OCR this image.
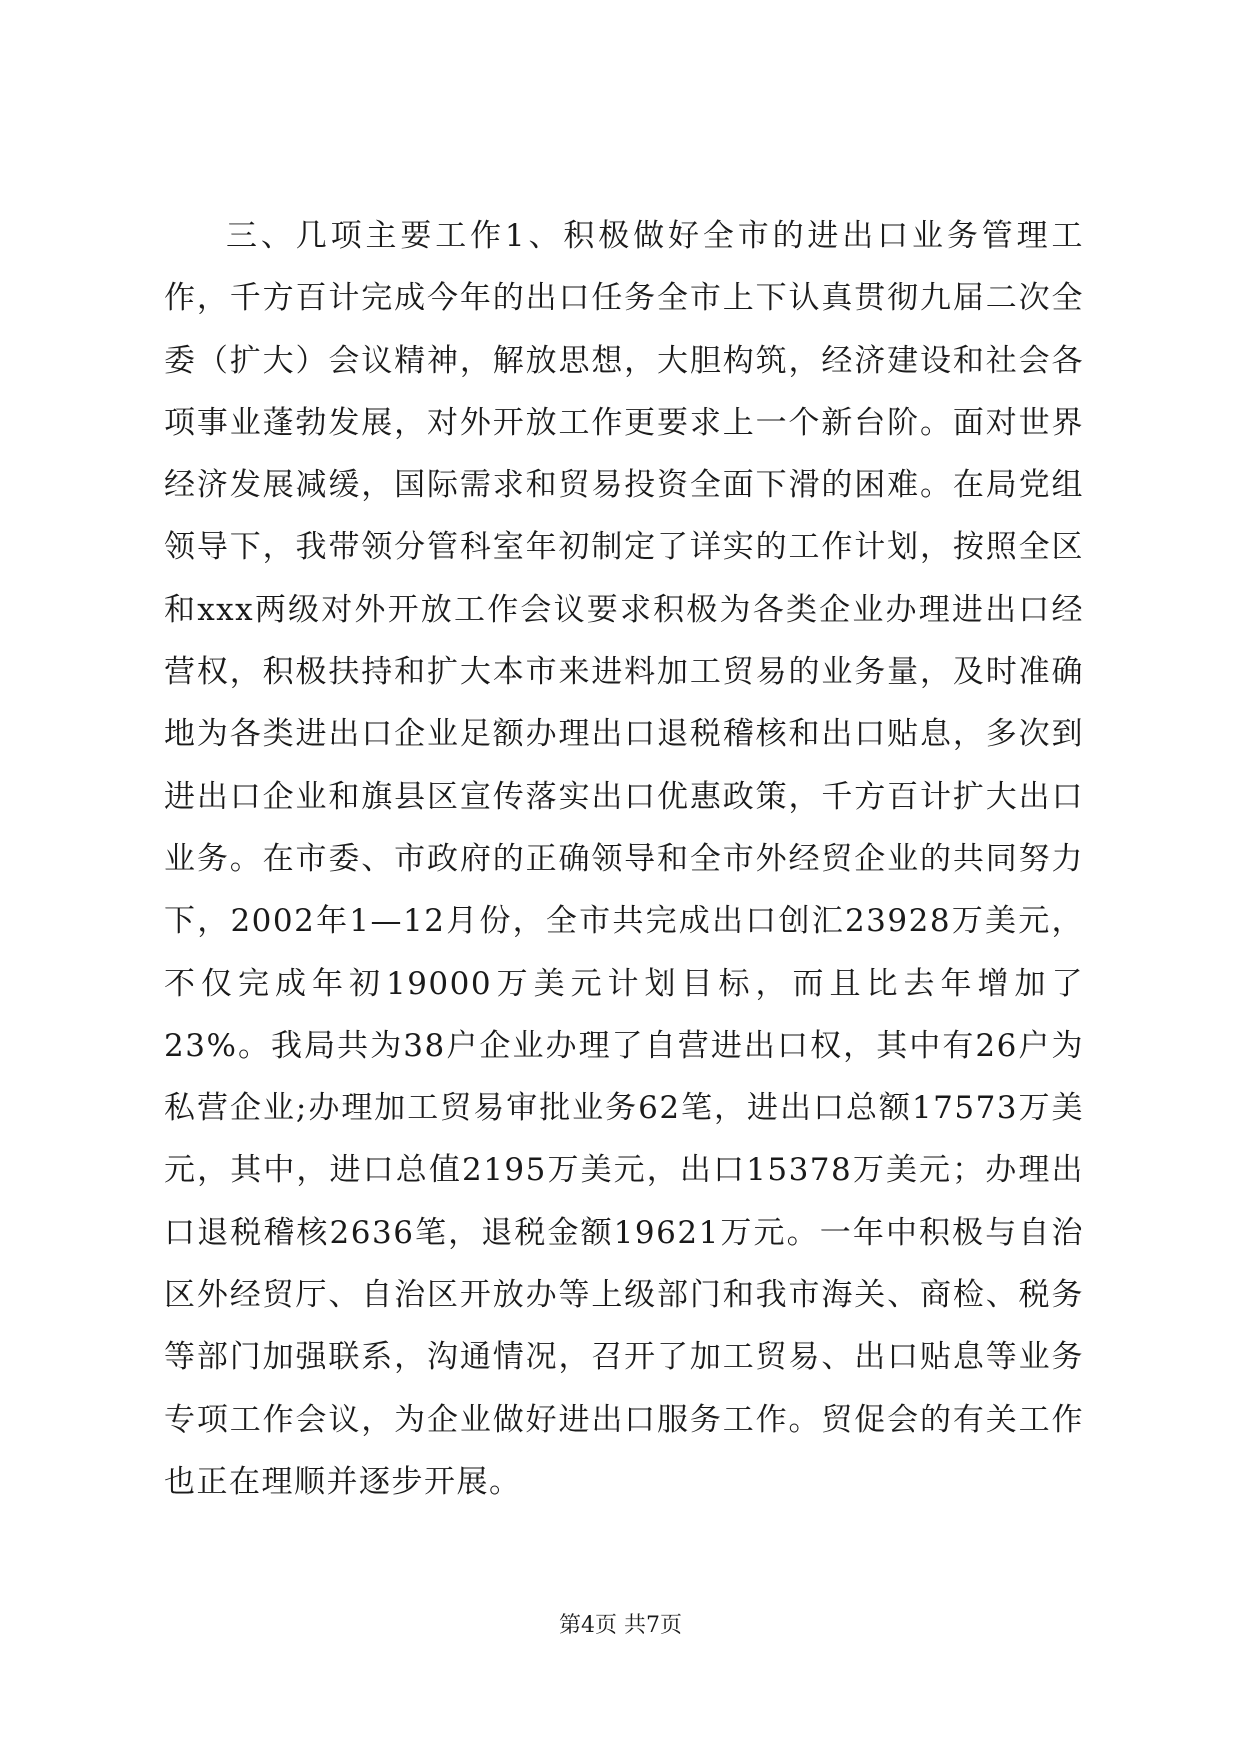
三、几项主要工作1、积极做好全市的进出口业务管理工作，千方百计完成今年的出口任务全市上下认真贯彻九届二次全委（扩大）会议精神，解放思想，大胆构筑，经济建设和社会各项事业蓬勃发展，对外开放工作更要求上一个新台阶。面对世界经济发展减缓，国际需求和贸易投资全面下滑的困难。在局党组领导下，我带领分管科室年初制定了详实的工作计划，按照全区和xxx两级对外开放工作会议要求积极为各类企业办理进出口经营权，积极扶持和扩大本市来进料加工贸易的业务量，及时准确地为各类进出口企业足额办理出口退税稽核和出口贴息，多次到进出口企业和旗县区宣传落实出口优惠政策，千方百计扩大出口业务。在市委、市政府的正确领导和全市外经贸企业的共同努力下，2002年1—12月份，全市共完成出口创汇23928万美元，不仅完成年初19000万美元计划目标，而且比去年增加了23%。我局共为38户企业办理了自营进出口权，其中有26户为私营企业;办理加工贸易审批业务62笔，进出口总额17573万美元，其中，进口总值2195万美元，出口15378万美元；办理出口退税稽核2636笔，退税金额19621万元。一年中积极与自治区外经贸厅、自治区开放办等上级部门和我市海关、商检、税务等部门加强联系，沟通情况，召开了加工贸易、出口贴息等业务专项工作会议，为企业做好进出口服务工作。贸促会的有关工作也正在理顺并逐步开展。

第4页 共7页
